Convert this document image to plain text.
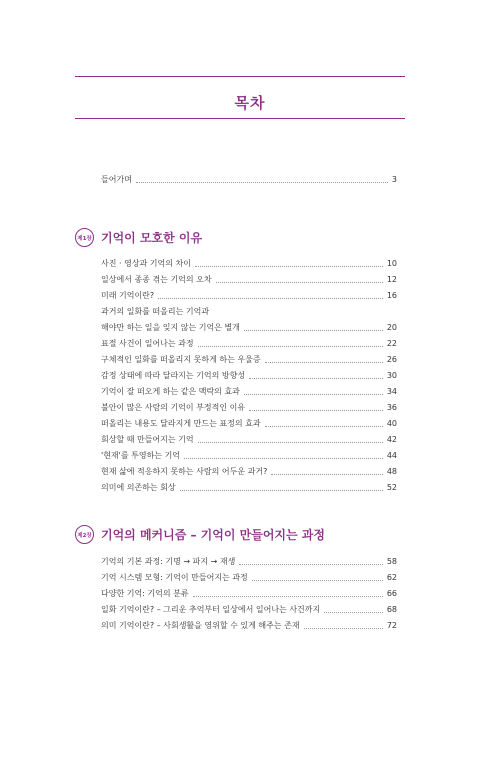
목차
들어가며	3
제1장 기억이 모호한 이유
사진 · 영상과 기억의 차이	10
일상에서 종종 겪는 기억의 오차	12
미래 기억이란?	16
과거의 일화를 떠올리는 기억과
해야만 하는 일을 잊지 않는 기억은 별개	20
표절 사건이 일어나는 과정	22
구체적인 일화를 떠올리지 못하게 하는 우울증	26
감정 상태에 따라 달라지는 기억의 방향성	30
기억이 잘 떠오게 하는 같은 맥락의 효과	34
불안이 많은 사람의 기억이 부정적인 이유	36
떠올리는 내용도 달라지게 만드는 표정의 효과	40
회상할 때 만들어지는 기억	42
'현재'를 투영하는 기억	44
현재 삶에 적응하지 못하는 사람의 어두운 과거?	48
의미에 의존하는 회상	52
제2장 기억의 메커니즘 – 기억이 만들어지는 과정
기억의 기본 과정: 기명 → 파지 → 재생	58
기억 시스템 모형: 기억이 만들어지는 과정	62
다양한 기억: 기억의 분류	66
일화 기억이란? – 그리운 추억부터 일상에서 일어나는 사건까지	68
의미 기억이란? – 사회생활을 영위할 수 있게 해주는 존재	72
